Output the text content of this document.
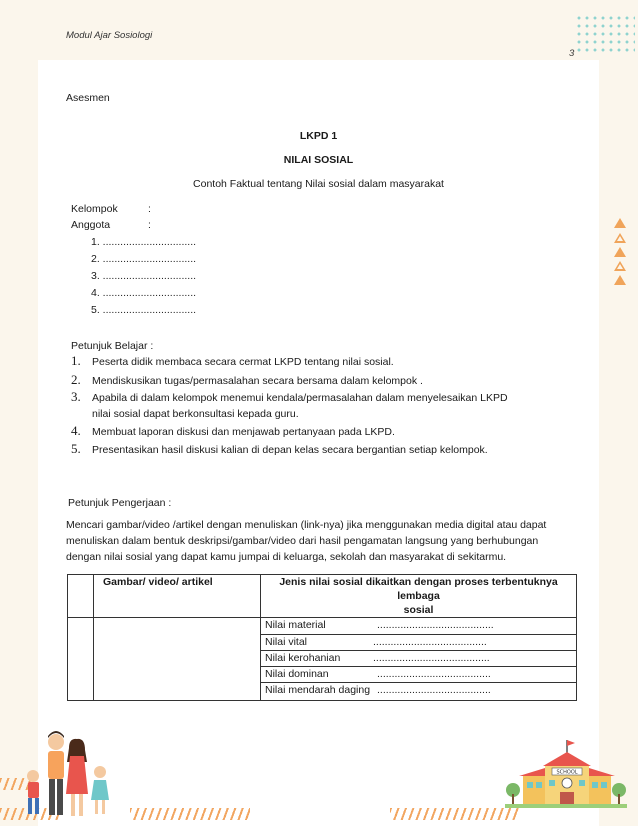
Modul Ajar Sosiologi
3
Asesmen
LKPD 1
NILAI SOSIAL
Contoh Faktual tentang Nilai sosial dalam masyarakat
Kelompok	:
Anggota	:
1. ................................
2. ................................
3. ................................
4. ................................
5. ................................
Petunjuk Belajar :
1. Peserta didik membaca secara cermat LKPD tentang nilai sosial.
2. Mendiskusikan tugas/permasalahan secara bersama dalam kelompok .
3. Apabila di dalam kelompok menemui kendala/permasalahan dalam menyelesaikan LKPD
nilai sosial dapat berkonsultasi kepada guru.
4. Membuat laporan diskusi dan menjawab pertanyaan pada LKPD.
5. Presentasikan hasil diskusi kalian di depan kelas secara bergantian setiap kelompok.
Petunjuk Pengerjaan :
Mencari gambar/video /artikel dengan menuliskan (link-nya) jika menggunakan media digital atau dapat
menuliskan dalam bentuk deskripsi/gambar/video dari hasil pengamatan langsung yang berhubungan
dengan nilai sosial yang dapat kamu jumpai di keluarga, sekolah dan masyarakat di sekitarmu.
	Gambar/ video/ artikel	Jenis nilai sosial dikaitkan dengan proses terbentuknya lembaga
sosial

		Nilai material ........................................
		Nilai vital .......................................
		Nilai kerohanian ........................................
		Nilai dominan .......................................
		Nilai mendarah daging .......................................
SCHOOL
